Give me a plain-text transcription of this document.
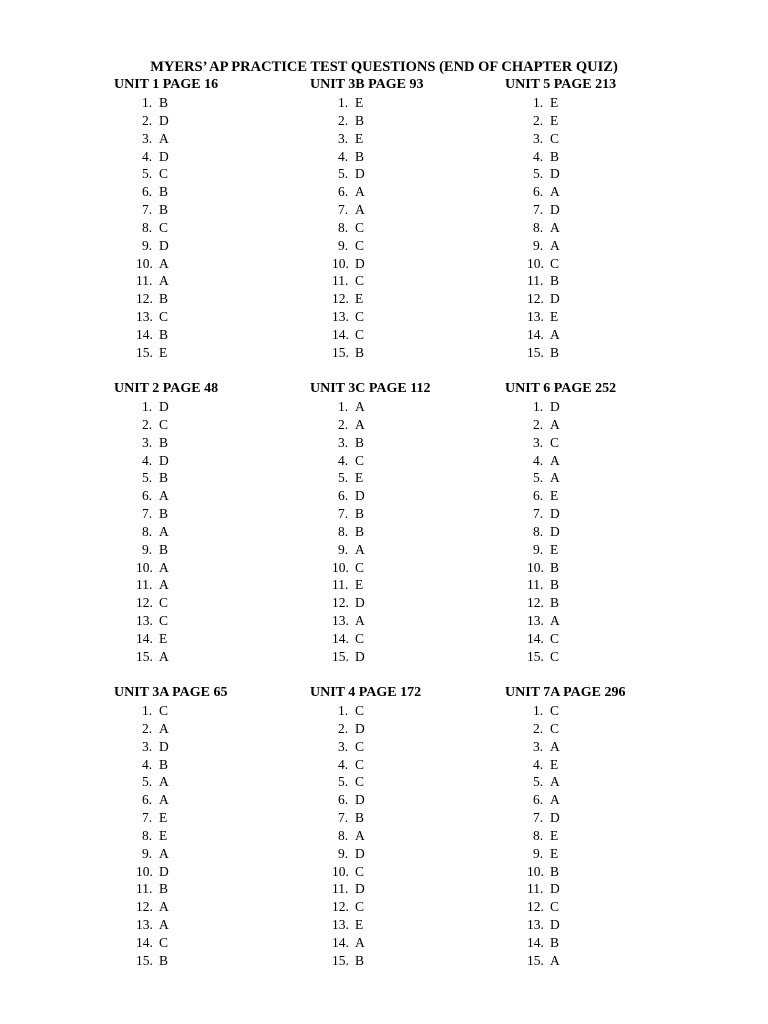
MYERS’ AP PRACTICE TEST QUESTIONS (END OF CHAPTER QUIZ)
UNIT 1 PAGE 16
1. B
2. D
3. A
4. D
5. C
6. B
7. B
8. C
9. D
10. A
11. A
12. B
13. C
14. B
15. E
UNIT 3B PAGE 93
1. E
2. B
3. E
4. B
5. D
6. A
7. A
8. C
9. C
10. D
11. C
12. E
13. C
14. C
15. B
UNIT 5 PAGE 213
1. E
2. E
3. C
4. B
5. D
6. A
7. D
8. A
9. A
10. C
11. B
12. D
13. E
14. A
15. B
UNIT 2 PAGE 48
1. D
2. C
3. B
4. D
5. B
6. A
7. B
8. A
9. B
10. A
11. A
12. C
13. C
14. E
15. A
UNIT 3C PAGE 112
1. A
2. A
3. B
4. C
5. E
6. D
7. B
8. B
9. A
10. C
11. E
12. D
13. A
14. C
15. D
UNIT 6 PAGE 252
1. D
2. A
3. C
4. A
5. A
6. E
7. D
8. D
9. E
10. B
11. B
12. B
13. A
14. C
15. C
UNIT 3A PAGE 65
1. C
2. A
3. D
4. B
5. A
6. A
7. E
8. E
9. A
10. D
11. B
12. A
13. A
14. C
15. B
UNIT 4 PAGE 172
1. C
2. D
3. C
4. C
5. C
6. D
7. B
8. A
9. D
10. C
11. D
12. C
13. E
14. A
15. B
UNIT 7A PAGE 296
1. C
2. C
3. A
4. E
5. A
6. A
7. D
8. E
9. E
10. B
11. D
12. C
13. D
14. B
15. A
